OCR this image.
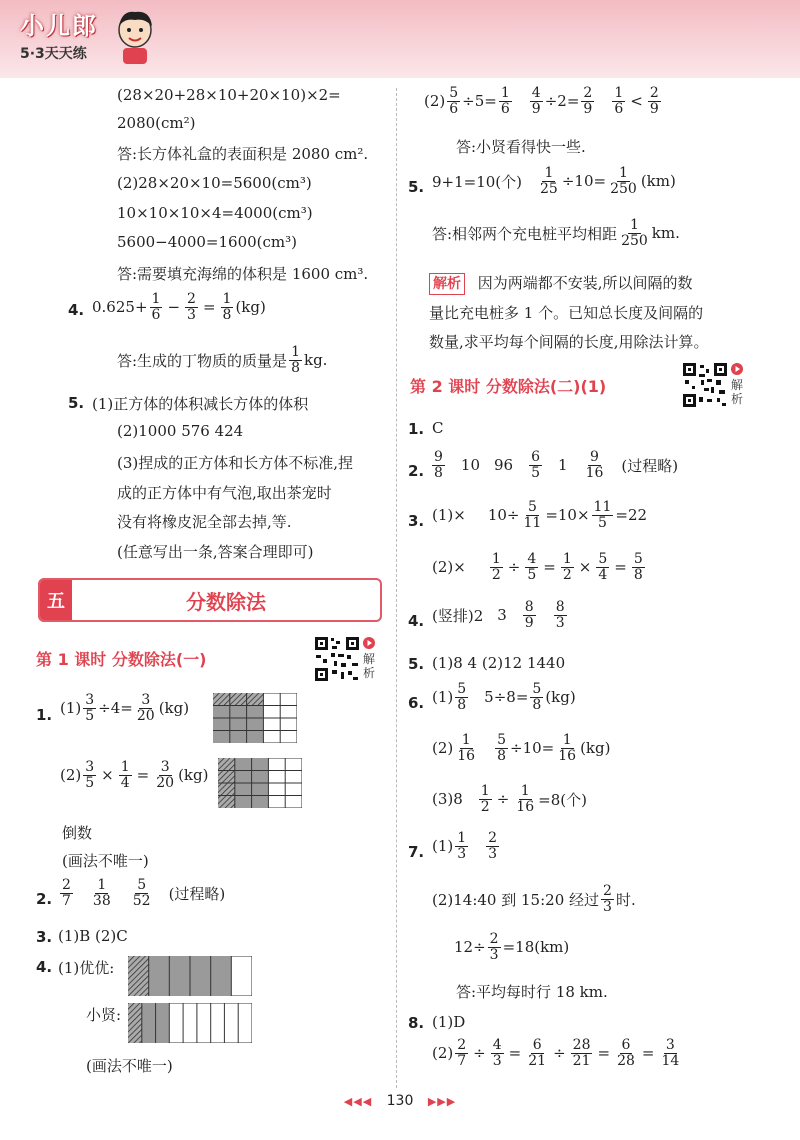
小儿郎
5·3天天练
(28×20+28×10+20×10)×2=
2080(cm²)
答:长方体礼盒的表面积是 2080 cm².
(2)28×20×10=5600(cm³)
10×10×10×4=4000(cm³)
5600−4000=1600(cm³)
答:需要填充海绵的体积是 1600 cm³.
4. $0.625+ \frac{1}{6} - \frac{2}{3} = \frac{1}{8} (kg)$
答:生成的丁物质的质量是 1
8 kg.
5. (1)正方体的体积减长方体的体积
(2)1000 576 424
(3)捏成的正方体和长方体不标准,捏
成的正方体中有气泡,取出茶宠时
没有将橡皮泥全部去掉,等.
(任意写出一条,答案合理即可)
五	分数除法
第 1 课时 分数除法(一)	解析
1. $(1) \frac{3}{5} \div 4= \frac{3}{20} (kg)$
$(2) \frac{3}{5} \times \frac{1}{4} = \frac{3}{20} (kg)$
倒数
(画法不唯一)
2.
2
7
1
38
5
52 (过程略)
3. (1)B (2)C
4. (1)优优:
小贤:
(画法不唯一)
$(2) \frac{5}{6} \div 5= \frac{1}{6} \frac{4}{9} \div 2= \frac{2}{9} 1$
6 < 2
9
答:小贤看得快一些.
5. 9+1=10(个) $\frac{1}{25} \div 10= \frac{1}{250} (km)$
答:相邻两个充电桩平均相距 1
250 km.
解析 因为两端都不安装,所以间隔的数
量比充电桩多 1 个。已知总长度及间隔的
数量,求平均每个间隔的长度,用除法计算。
第 2 课时 分数除法(二)(1)	解析
1. C
2.
9
8 10 96 6
5 1 9
16 (过程略)
3. $(1)\times 10\div \frac{5}{11} =10\times \frac{11}{5} =22$
$(2)\times \frac{1}{2} \div \frac{4}{5} = \frac{1}{2} \times \frac{5}{4} = \frac{5}{8}$
4. (竖排)2 3 8
9
8
3
5. (1)8 4 (2)12 1440
6. (1) 5
8 $5\div 8= \frac{5}{8} (kg)$
(2) 1
$16 \frac{5}{8} \div 10= \frac{1}{16} (kg)$
$(3)8 \frac{1}{2} \div \frac{1}{16} =8$(个)
7. (1) 1
3
2
3
(2)14:40 到 15:20 经过 2
3 时.
$12\div \frac{2}{3} =18(km)$
答:平均每时行 18 km.
8. (1)D
$(2) \frac{2}{7} \div \frac{4}{3} = \frac{6}{21} \div \frac{28}{21} = \frac{6}{28} = \frac{3}{14}$
◀◀◀ 130 ▶▶▶
